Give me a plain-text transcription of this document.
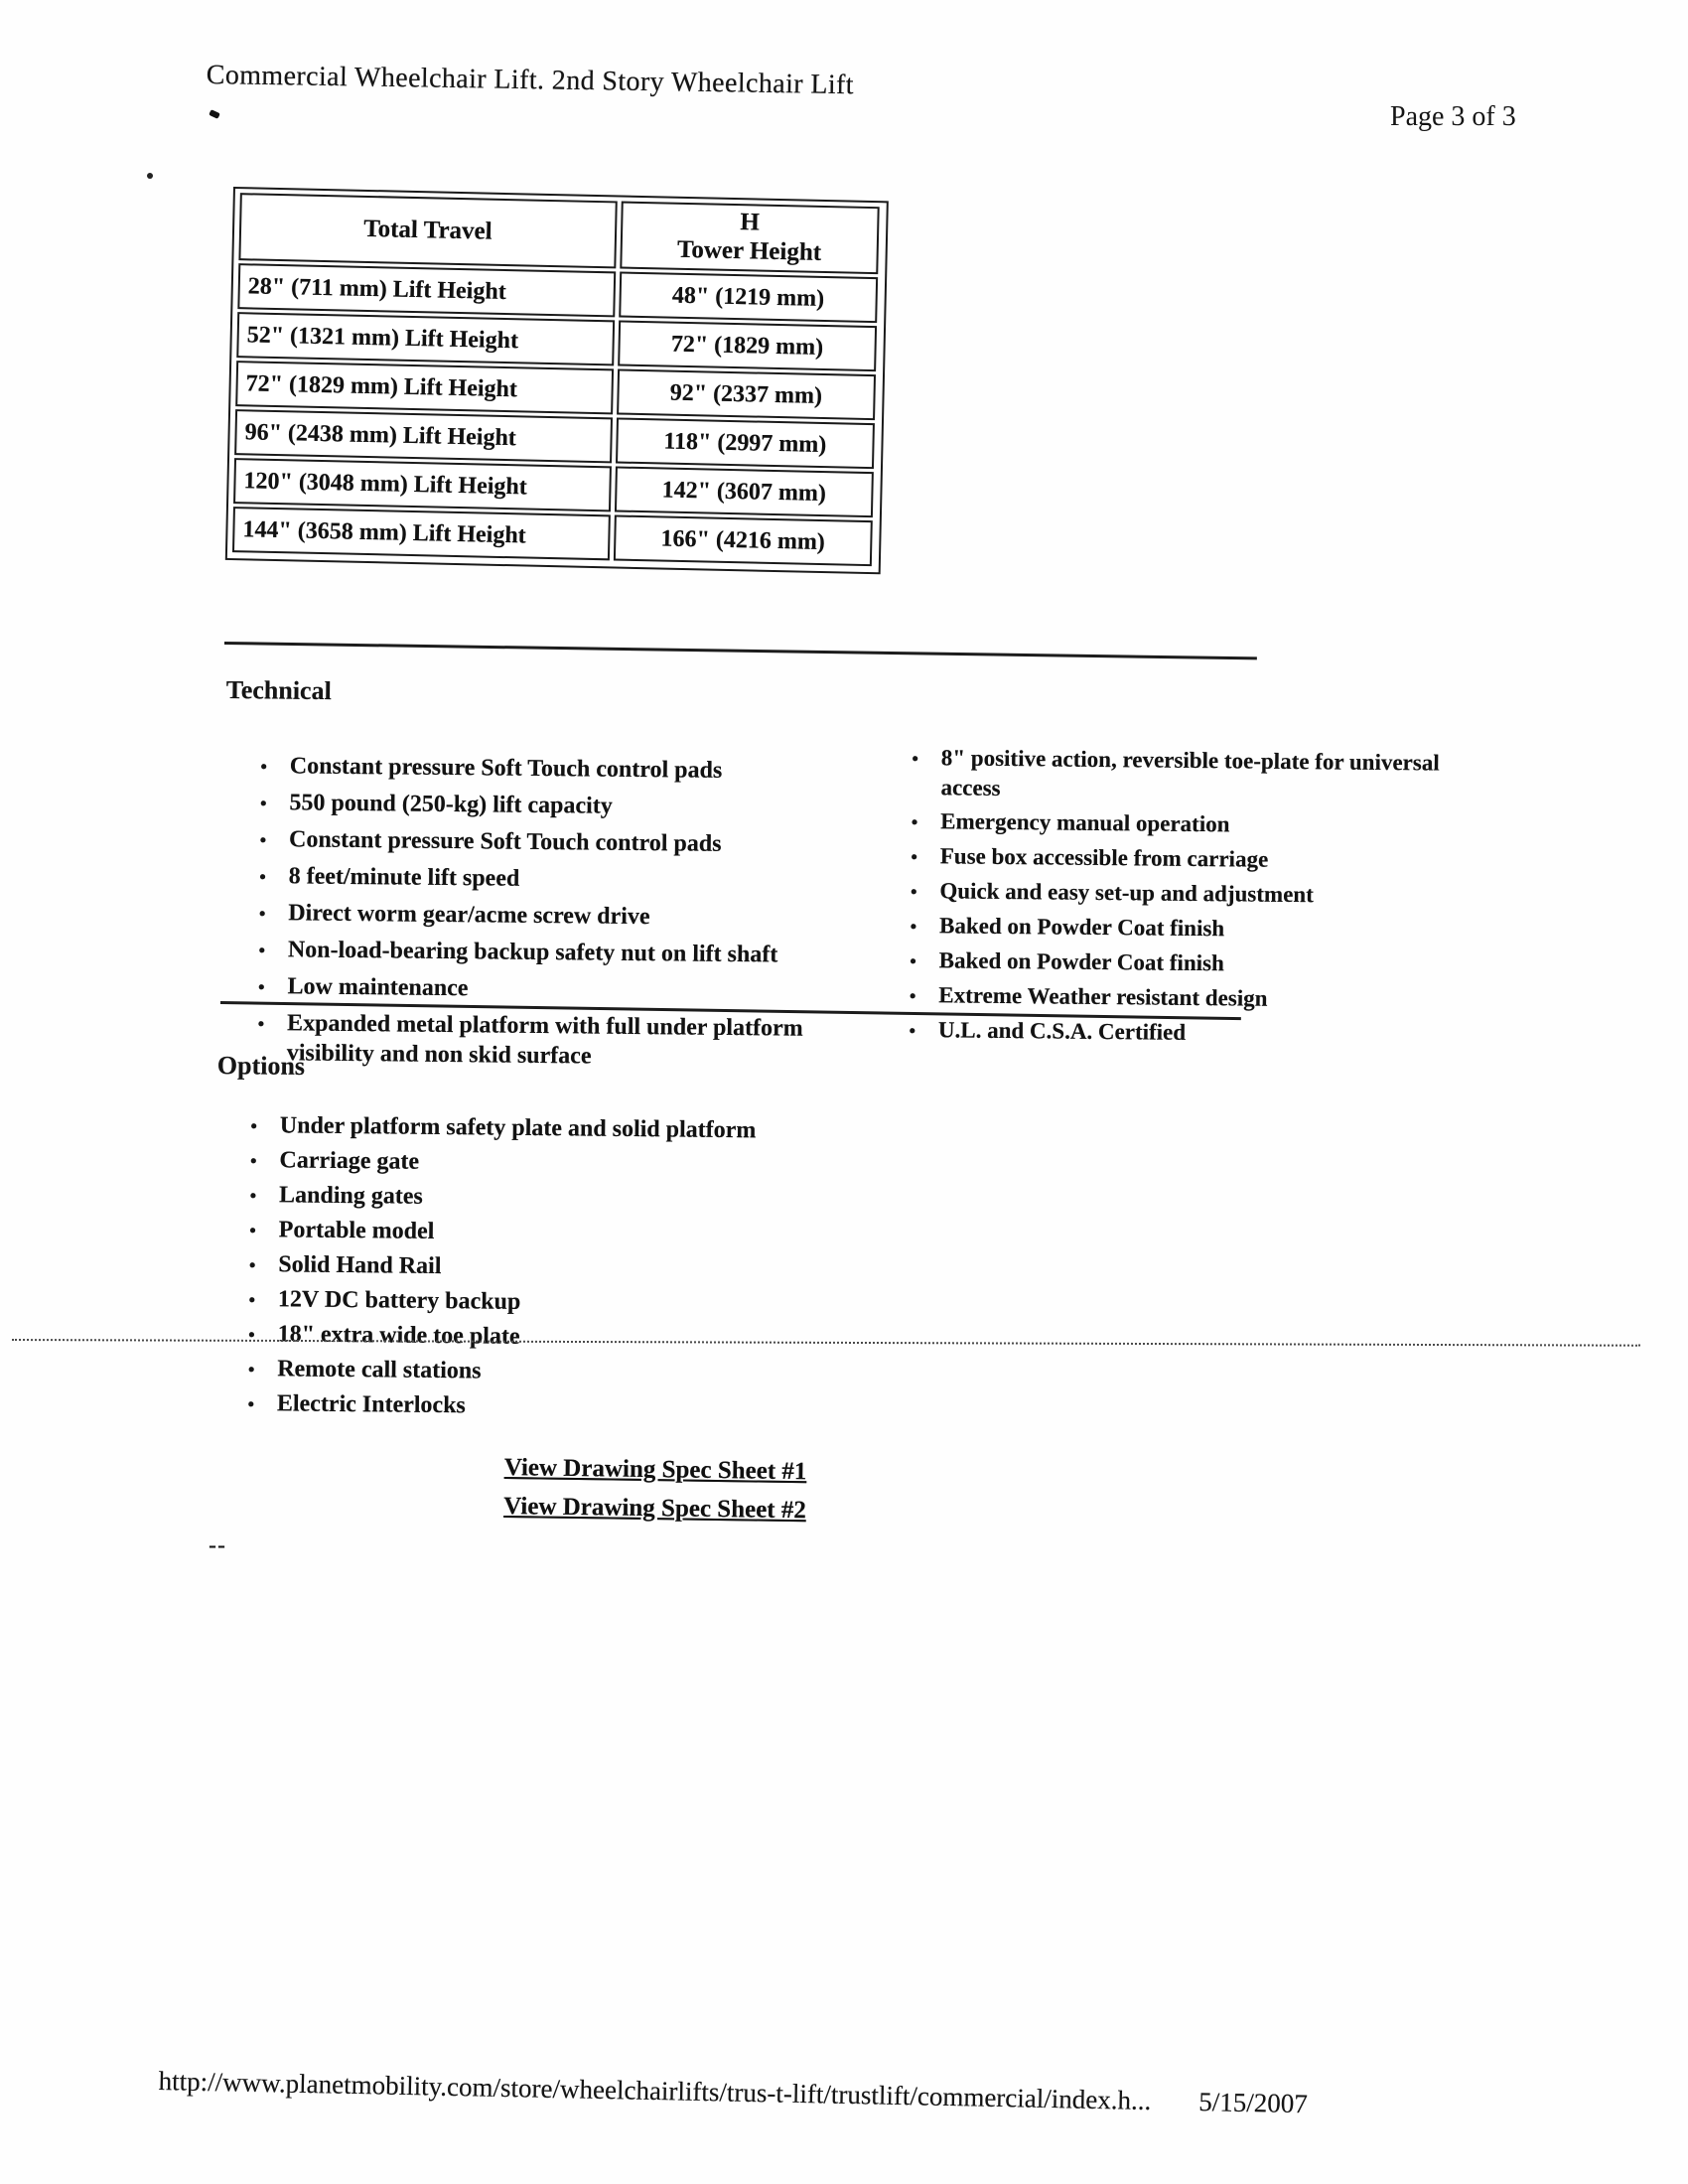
Commercial Wheelchair Lift. 2nd Story Wheelchair Lift
Page 3 of 3
Total Travel	H
Tower Height
28" (711 mm) Lift Height	48" (1219 mm)
52" (1321 mm) Lift Height	72" (1829 mm)
72" (1829 mm) Lift Height	92" (2337 mm)
96" (2438 mm) Lift Height	118" (2997 mm)
120" (3048 mm) Lift Height	142" (3607 mm)
144" (3658 mm) Lift Height	166" (4216 mm)
Technical
• Constant pressure Soft Touch control pads
• 550 pound (250-kg) lift capacity
• Constant pressure Soft Touch control pads
• 8 feet/minute lift speed
• Direct worm gear/acme screw drive
• Non-load-bearing backup safety nut on lift shaft
• Low maintenance
• Expanded metal platform with full under platform visibility and non skid surface
• 8" positive action, reversible toe-plate for universal access
• Emergency manual operation
• Fuse box accessible from carriage
• Quick and easy set-up and adjustment
• Baked on Powder Coat finish
• Baked on Powder Coat finish
• Extreme Weather resistant design
• U.L. and C.S.A. Certified
Options
• Under platform safety plate and solid platform
• Carriage gate
• Landing gates
• Portable model
• Solid Hand Rail
• 12V DC battery backup
• 18" extra wide toe plate
• Remote call stations
• Electric Interlocks
View Drawing Spec Sheet #1
View Drawing Spec Sheet #2
--
http://www.planetmobility.com/store/wheelchairlifts/trus-t-lift/trustlift/commercial/index.h... 5/15/2007
